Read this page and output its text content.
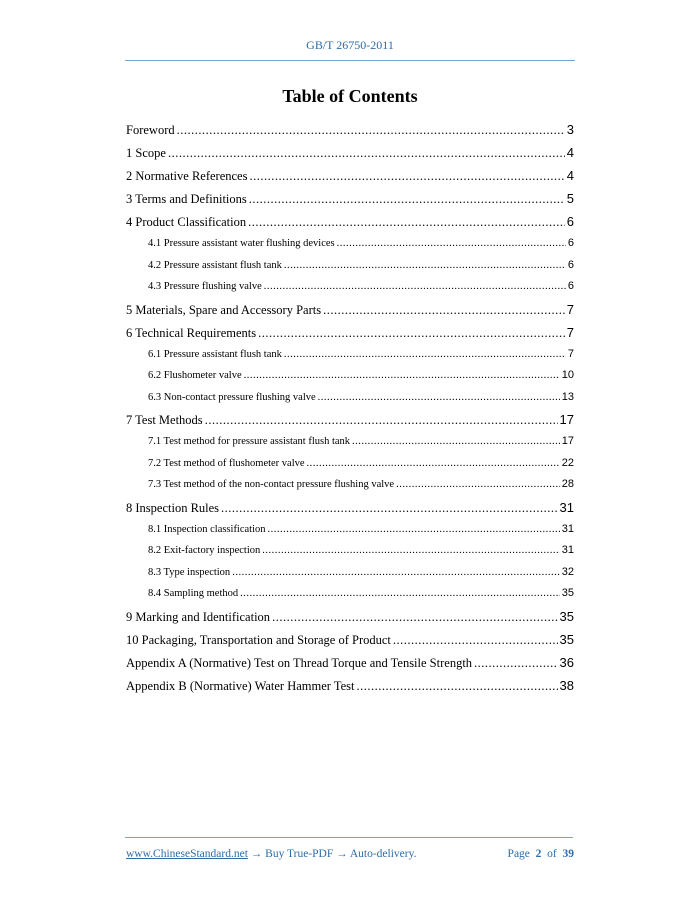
GB/T 26750-2011
Table of Contents
Foreword .....	3
1 Scope .....	4
2 Normative References .....	4
3 Terms and Definitions .....	5
4 Product Classification .....	6
4.1 Pressure assistant water flushing devices .....	6
4.2 Pressure assistant flush tank .....	6
4.3 Pressure flushing valve .....	6
5 Materials, Spare and Accessory Parts .....	7
6 Technical Requirements .....	7
6.1 Pressure assistant flush tank .....	7
6.2 Flushometer valve .....	10
6.3 Non-contact pressure flushing valve .....	13
7 Test Methods .....	17
7.1 Test method for pressure assistant flush tank .....	17
7.2 Test method of flushometer valve .....	22
7.3 Test method of the non-contact pressure flushing valve .....	28
8 Inspection Rules .....	31
8.1 Inspection classification .....	31
8.2 Exit-factory inspection .....	31
8.3 Type inspection .....	32
8.4 Sampling method .....	35
9 Marking and Identification .....	35
10 Packaging, Transportation and Storage of Product .....	35
Appendix A (Normative) Test on Thread Torque and Tensile Strength .....	36
Appendix B (Normative) Water Hammer Test .....	38
www.ChineseStandard.net → Buy True-PDF → Auto-delivery.	Page 2 of 39
